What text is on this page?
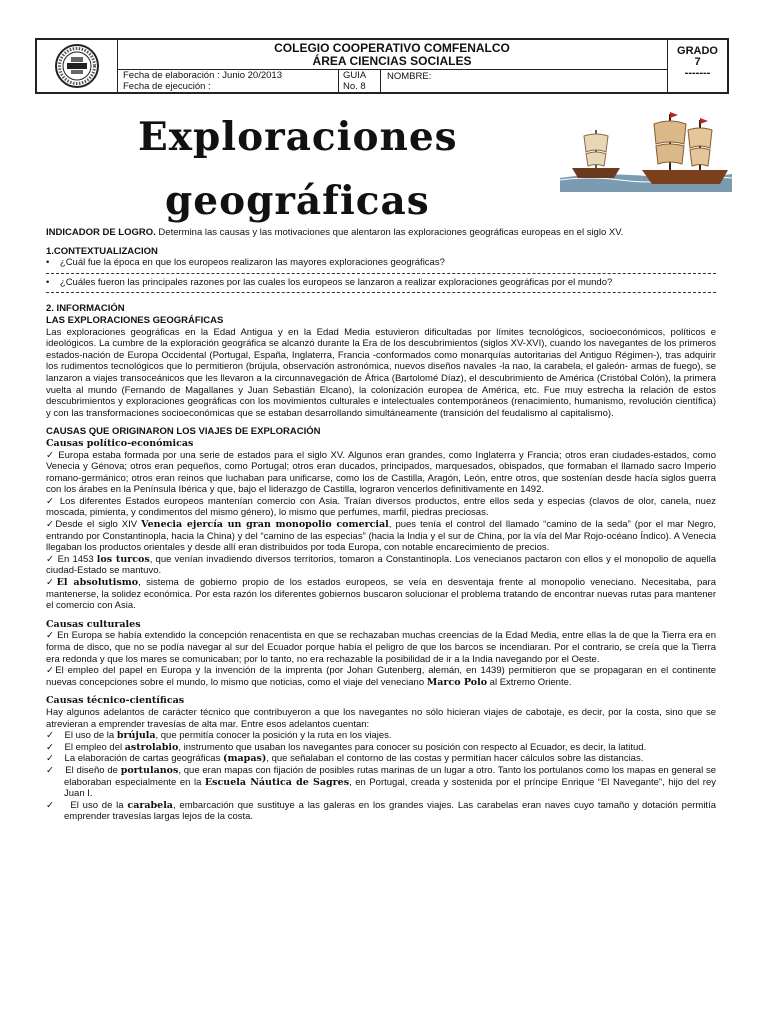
COLEGIO COOPERATIVO COMFENALCO
ÁREA CIENCIAS SOCIALES
Fecha de elaboración : Junio 20/2013
Fecha de ejecución :
GUIA
No. 8
NOMBRE:
GRADO
7
-------
Exploraciones
geográficas

INDICADOR DE LOGRO. Determina las causas y las motivaciones que alentaron las exploraciones geográficas europeas en el siglo XV.

1.CONTEXTUALIZACION

• ¿Cuál fue la época en que los europeos realizaron las mayores exploraciones geográficas?

• ¿Cuáles fueron las principales razones por las cuales los europeos se lanzaron a realizar exploraciones geográficas por el mundo?

2. INFORMACIÓN

LAS EXPLORACIONES GEOGRÁFICAS

Las exploraciones geográficas en la Edad Antigua y en la Edad Media estuvieron dificultadas por límites tecnológicos, socioeconómicos, políticos e ideológicos. La cumbre de la exploración geográfica se alcanzó durante la Era de los descubrimientos (siglos XV-XVI), cuando los navegantes de los primeros estados-nación de Europa Occidental (Portugal, España, Inglaterra, Francia -conformados como monarquías autoritarias del Antiguo Régimen-), tras adquirir los rudimentos tecnológicos que lo permitieron (brújula, observación astronómica, nuevos diseños navales -la nao, la carabela, el galeón- armas de fuego), se lanzaron a viajes transoceánicos que les llevaron a la circunnavegación de África (Bartolomé Díaz), el descubrimiento de América (Cristóbal Colón), la primera vuelta al mundo (Fernando de Magallanes y Juan Sebastián Elcano), la colonización europea de América, etc. Fue muy estrecha la relación de estos descubrimientos y exploraciones geográficas con los movimientos culturales e intelectuales contemporáneos (renacimiento, humanismo, revolución científica) y con las transformaciones socioeconómicas que se estaban desarrollando simultáneamente (transición del feudalismo al capitalismo).

CAUSAS QUE ORIGINARON LOS VIAJES DE EXPLORACIÓN

Causas político-económicas

✓ Europa estaba formada por una serie de estados para el siglo XV. Algunos eran grandes, como Inglaterra y Francia; otros eran ciudades-estados, como Venecia y Génova; otros eran pequeños, como Portugal; otros eran ducados, principados, marquesados, obispados, que formaban el llamado sacro Imperio romano-germánico; otros eran reinos que luchaban para unificarse, como los de Castilla, Aragón, León, entre otros, que sostenían desde hacía siglos guerra con los árabes en la Península Ibérica y que, bajo el liderazgo de Castilla, lograron vencerlos definitivamente en 1492.

✓ Los diferentes Estados europeos mantenían comercio con Asia. Traían diversos productos, entre ellos seda y especias (clavos de olor, canela, nuez moscada, pimienta, y condimentos del mismo género), lo mismo que perfumes, marfil, piedras preciosas.

✓Desde el siglo XIV Venecia ejercía un gran monopolio comercial, pues tenía el control del llamado “camino de la seda” (por el mar Negro, entrando por Constantinopla, hacia la China) y del “camino de las especias” (hacia la India y el sur de China, por la vía del Mar Rojo-océano Índico). A Venecia llegaban los productos orientales y desde allí eran distribuidos por toda Europa, con notable encarecimiento de precios.

✓ En 1453 los turcos, que venían invadiendo diversos territorios, tomaron a Constantinopla. Los venecianos pactaron con ellos y el monopolio de aquella ciudad-Estado se mantuvo.

✓El absolutismo, sistema de gobierno propio de los estados europeos, se veía en desventaja frente al monopolio veneciano. Necesitaba, para mantenerse, la solidez económica. Por esta razón los diferentes gobiernos buscaron solucionar el problema tratando de encontrar nuevas rutas para mantener el comercio con Asia.

Causas culturales

✓ En Europa se había extendido la concepción renacentista en que se rechazaban muchas creencias de la Edad Media, entre ellas la de que la Tierra era en forma de disco, que no se podía navegar al sur del Ecuador porque había el peligro de que los barcos se incendiaran. Por el contrario, se creía que la Tierra era redonda y que los mares se comunicaban; por lo tanto, no era rechazable la posibilidad de ir a la India navegando por el Oeste.

✓El empleo del papel en Europa y la invención de la imprenta (por Johan Gutenberg, alemán, en 1439) permitieron que se propagaran en el continente nuevas concepciones sobre el mundo, lo mismo que noticias, como el viaje del veneciano Marco Polo al Extremo Oriente.

Causas técnico-científicas

Hay algunos adelantos de carácter técnico que contribuyeron a que los navegantes no sólo hicieran viajes de cabotaje, es decir, por la costa, sino que se atrevieran a emprender travesías de alta mar. Entre esos adelantos cuentan:

✓ El uso de la brújula, que permitía conocer la posición y la ruta en los viajes.

✓ El empleo del astrolabio, instrumento que usaban los navegantes para conocer su posición con respecto al Ecuador, es decir, la latitud.

✓ La elaboración de cartas geográficas (mapas), que señalaban el contorno de las costas y permitían hacer cálculos sobre las distancias.

✓ El diseño de portulanos, que eran mapas con fijación de posibles rutas marinas de un lugar a otro. Tanto los portulanos como los mapas en general se elaboraban especialmente en la Escuela Náutica de Sagres, en Portugal, creada y sostenida por el príncipe Enrique “El Navegante”, hijo del rey Juan I.

✓ El uso de la carabela, embarcación que sustituye a las galeras en los grandes viajes. Las carabelas eran naves cuyo tamaño y dotación permitía emprender travesías largas lejos de la costa.
